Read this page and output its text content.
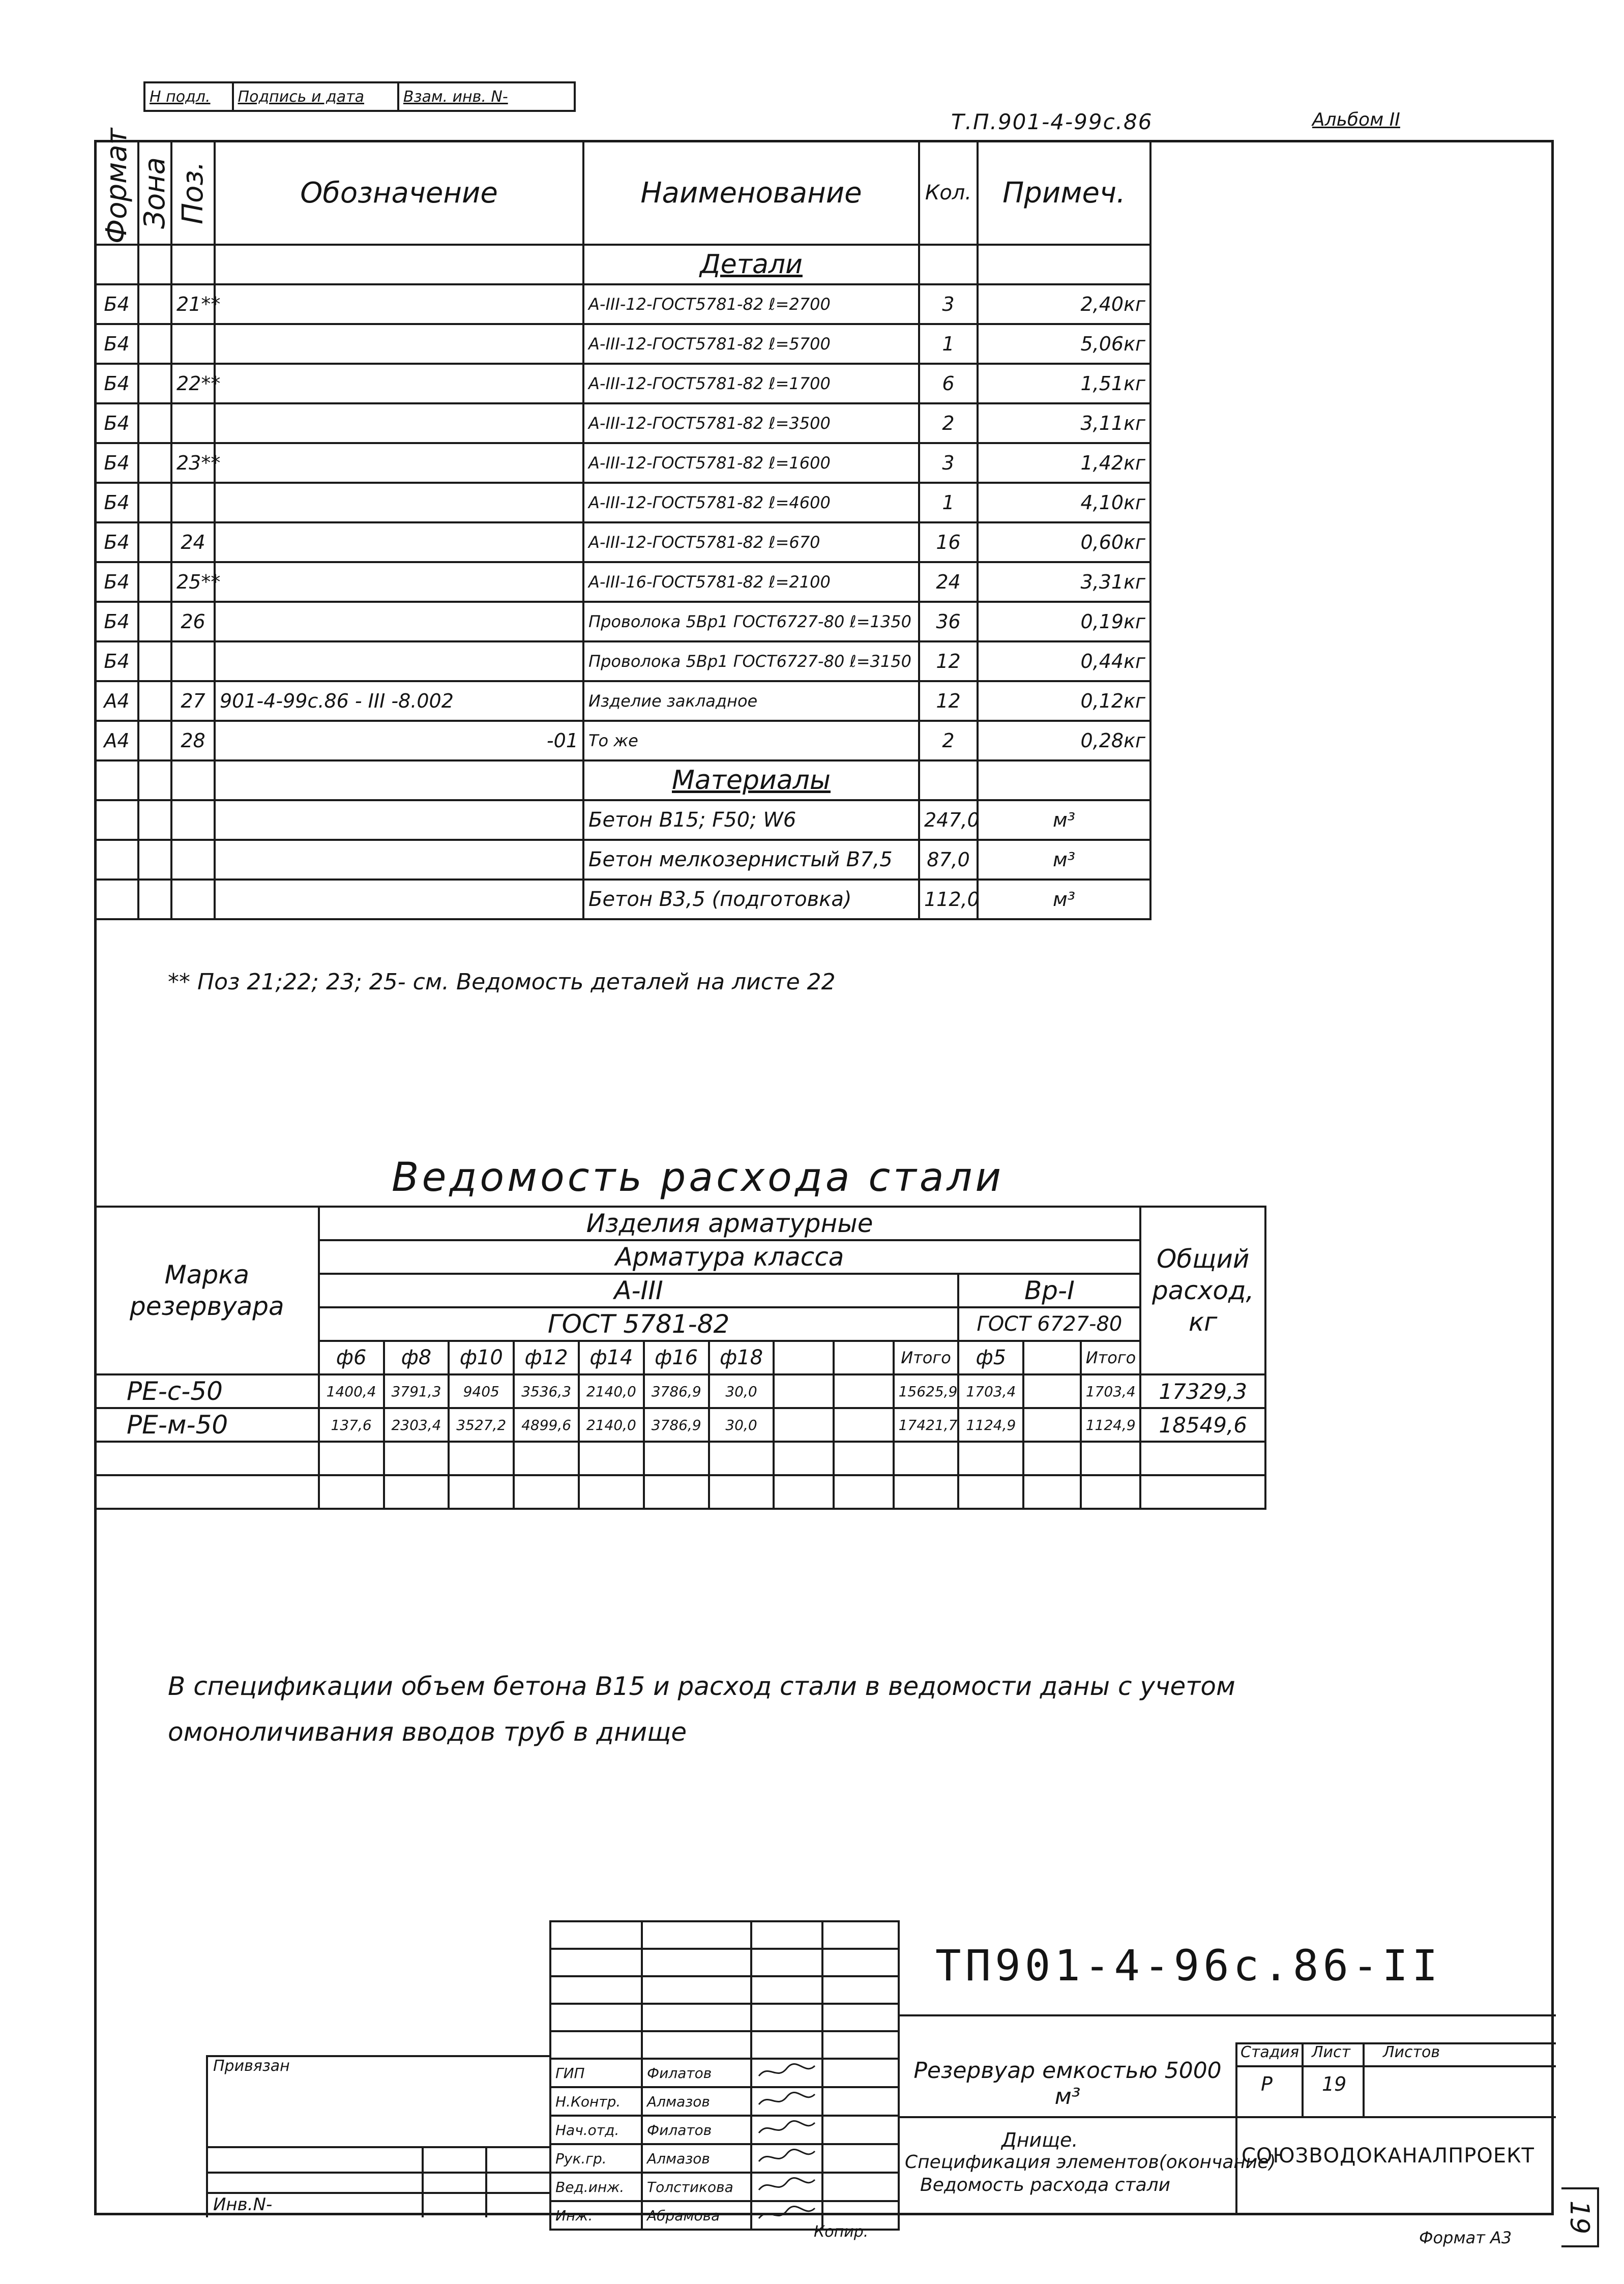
Н подл.	Подпись и дата	Взам. инв. N-
Т.П.901-4-99с.86	Альбом II
Формат	Зона	Поз.	Обозначение	Наименование	Кол.	Примеч.
				Детали		
Б4		21**		А-III-12-ГОСТ5781-82 ℓ=2700	3	2,40кг
Б4				А-III-12-ГОСТ5781-82 ℓ=5700	1	5,06кг
Б4		22**		А-III-12-ГОСТ5781-82 ℓ=1700	6	1,51кг
Б4				А-III-12-ГОСТ5781-82 ℓ=3500	2	3,11кг
Б4		23**		А-III-12-ГОСТ5781-82 ℓ=1600	3	1,42кг
Б4				А-III-12-ГОСТ5781-82 ℓ=4600	1	4,10кг
Б4		24		А-III-12-ГОСТ5781-82 ℓ=670	16	0,60кг
Б4		25**		А-III-16-ГОСТ5781-82 ℓ=2100	24	3,31кг
Б4		26		Проволока 5Вр1 ГОСТ6727-80 ℓ=1350	36	0,19кг
Б4				Проволока 5Вр1 ГОСТ6727-80 ℓ=3150	12	0,44кг
А4		27	901-4-99с.86 - III -8.002	Изделие закладное	12	0,12кг
А4		28	-01	То же	2	0,28кг
				Материалы		
				Бетон В15; F50; W6	247,0	м³
				Бетон мелкозернистый В7,5	87,0	м³
				Бетон В3,5 (подготовка)	112,0	м³
** Поз 21;22; 23; 25- см. Ведомость деталей на листе 22
Ведомость расхода стали
Марка резервуара	Изделия арматурные													Общий расход, кг
	Арматура класса													
	А-III										Вр-I			
	ГОСТ 5781-82										ГОСТ 6727-80			
	ф6	ф8	ф10	ф12	ф14	ф16	ф18			Итого	ф5		Итого	
РЕ-с-50	1400,4	3791,3	9405	3536,3	2140,0	3786,9	30,0			15625,9	1703,4		1703,4	17329,3
РЕ-м-50	137,6	2303,4	3527,2	4899,6	2140,0	3786,9	30,0			17421,7	1124,9		1124,9	18549,6

В спецификации объем бетона В15 и расход стали в ведомости даны с учетом
омоноличивания вводов труб в днище

ГИП	Филатов		
Н.Контр.	Алмазов		
Нач.отд.	Филатов		
Рук.гр.	Алмазов		
Вед.инж.	Толстикова		
Инж.	Абрамова		
ТП901-4-96с.86-II
Резервуар емкостью 5000 м³
Стадия Лист Листов
Р	19
Днище.
Спецификация элементов(окончание)
Ведомость расхода стали
СОЮЗВОДОКАНАЛПРОЕКТ
Привязан
Инв.N-
Копир.	Формат А3
19
